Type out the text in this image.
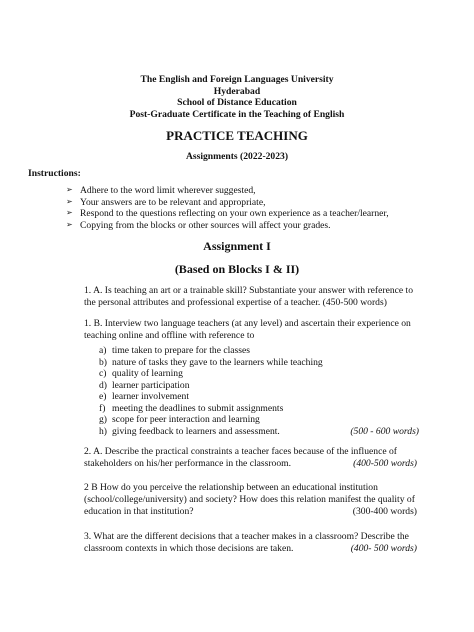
The English and Foreign Languages University
Hyderabad
School of Distance Education
Post-Graduate Certificate in the Teaching of English
PRACTICE TEACHING
Assignments (2022-2023)
Instructions:
➢ Adhere to the word limit wherever suggested,
➢ Your answers are to be relevant and appropriate,
➢ Respond to the questions reflecting on your own experience as a teacher/learner,
➢ Copying from the blocks or other sources will affect your grades.
Assignment I
(Based on Blocks I & II)
1. A. Is teaching an art or a trainable skill? Substantiate your answer with reference to
the personal attributes and professional expertise of a teacher. (450-500 words)
1. B. Interview two language teachers (at any level) and ascertain their experience on
teaching online and offline with reference to
a) time taken to prepare for the classes
b) nature of tasks they gave to the learners while teaching
c) quality of learning
d) learner participation
e) learner involvement
f) meeting the deadlines to submit assignments
g) scope for peer interaction and learning
h) giving feedback to learners and assessment.	(500 - 600 words)
2. A. Describe the practical constraints a teacher faces because of the influence of
stakeholders on his/her performance in the classroom.	(400-500 words)
2 B How do you perceive the relationship between an educational institution
(school/college/university) and society? How does this relation manifest the quality of
education in that institution?	(300-400 words)
3. What are the different decisions that a teacher makes in a classroom? Describe the
classroom contexts in which those decisions are taken.	(400- 500 words)
